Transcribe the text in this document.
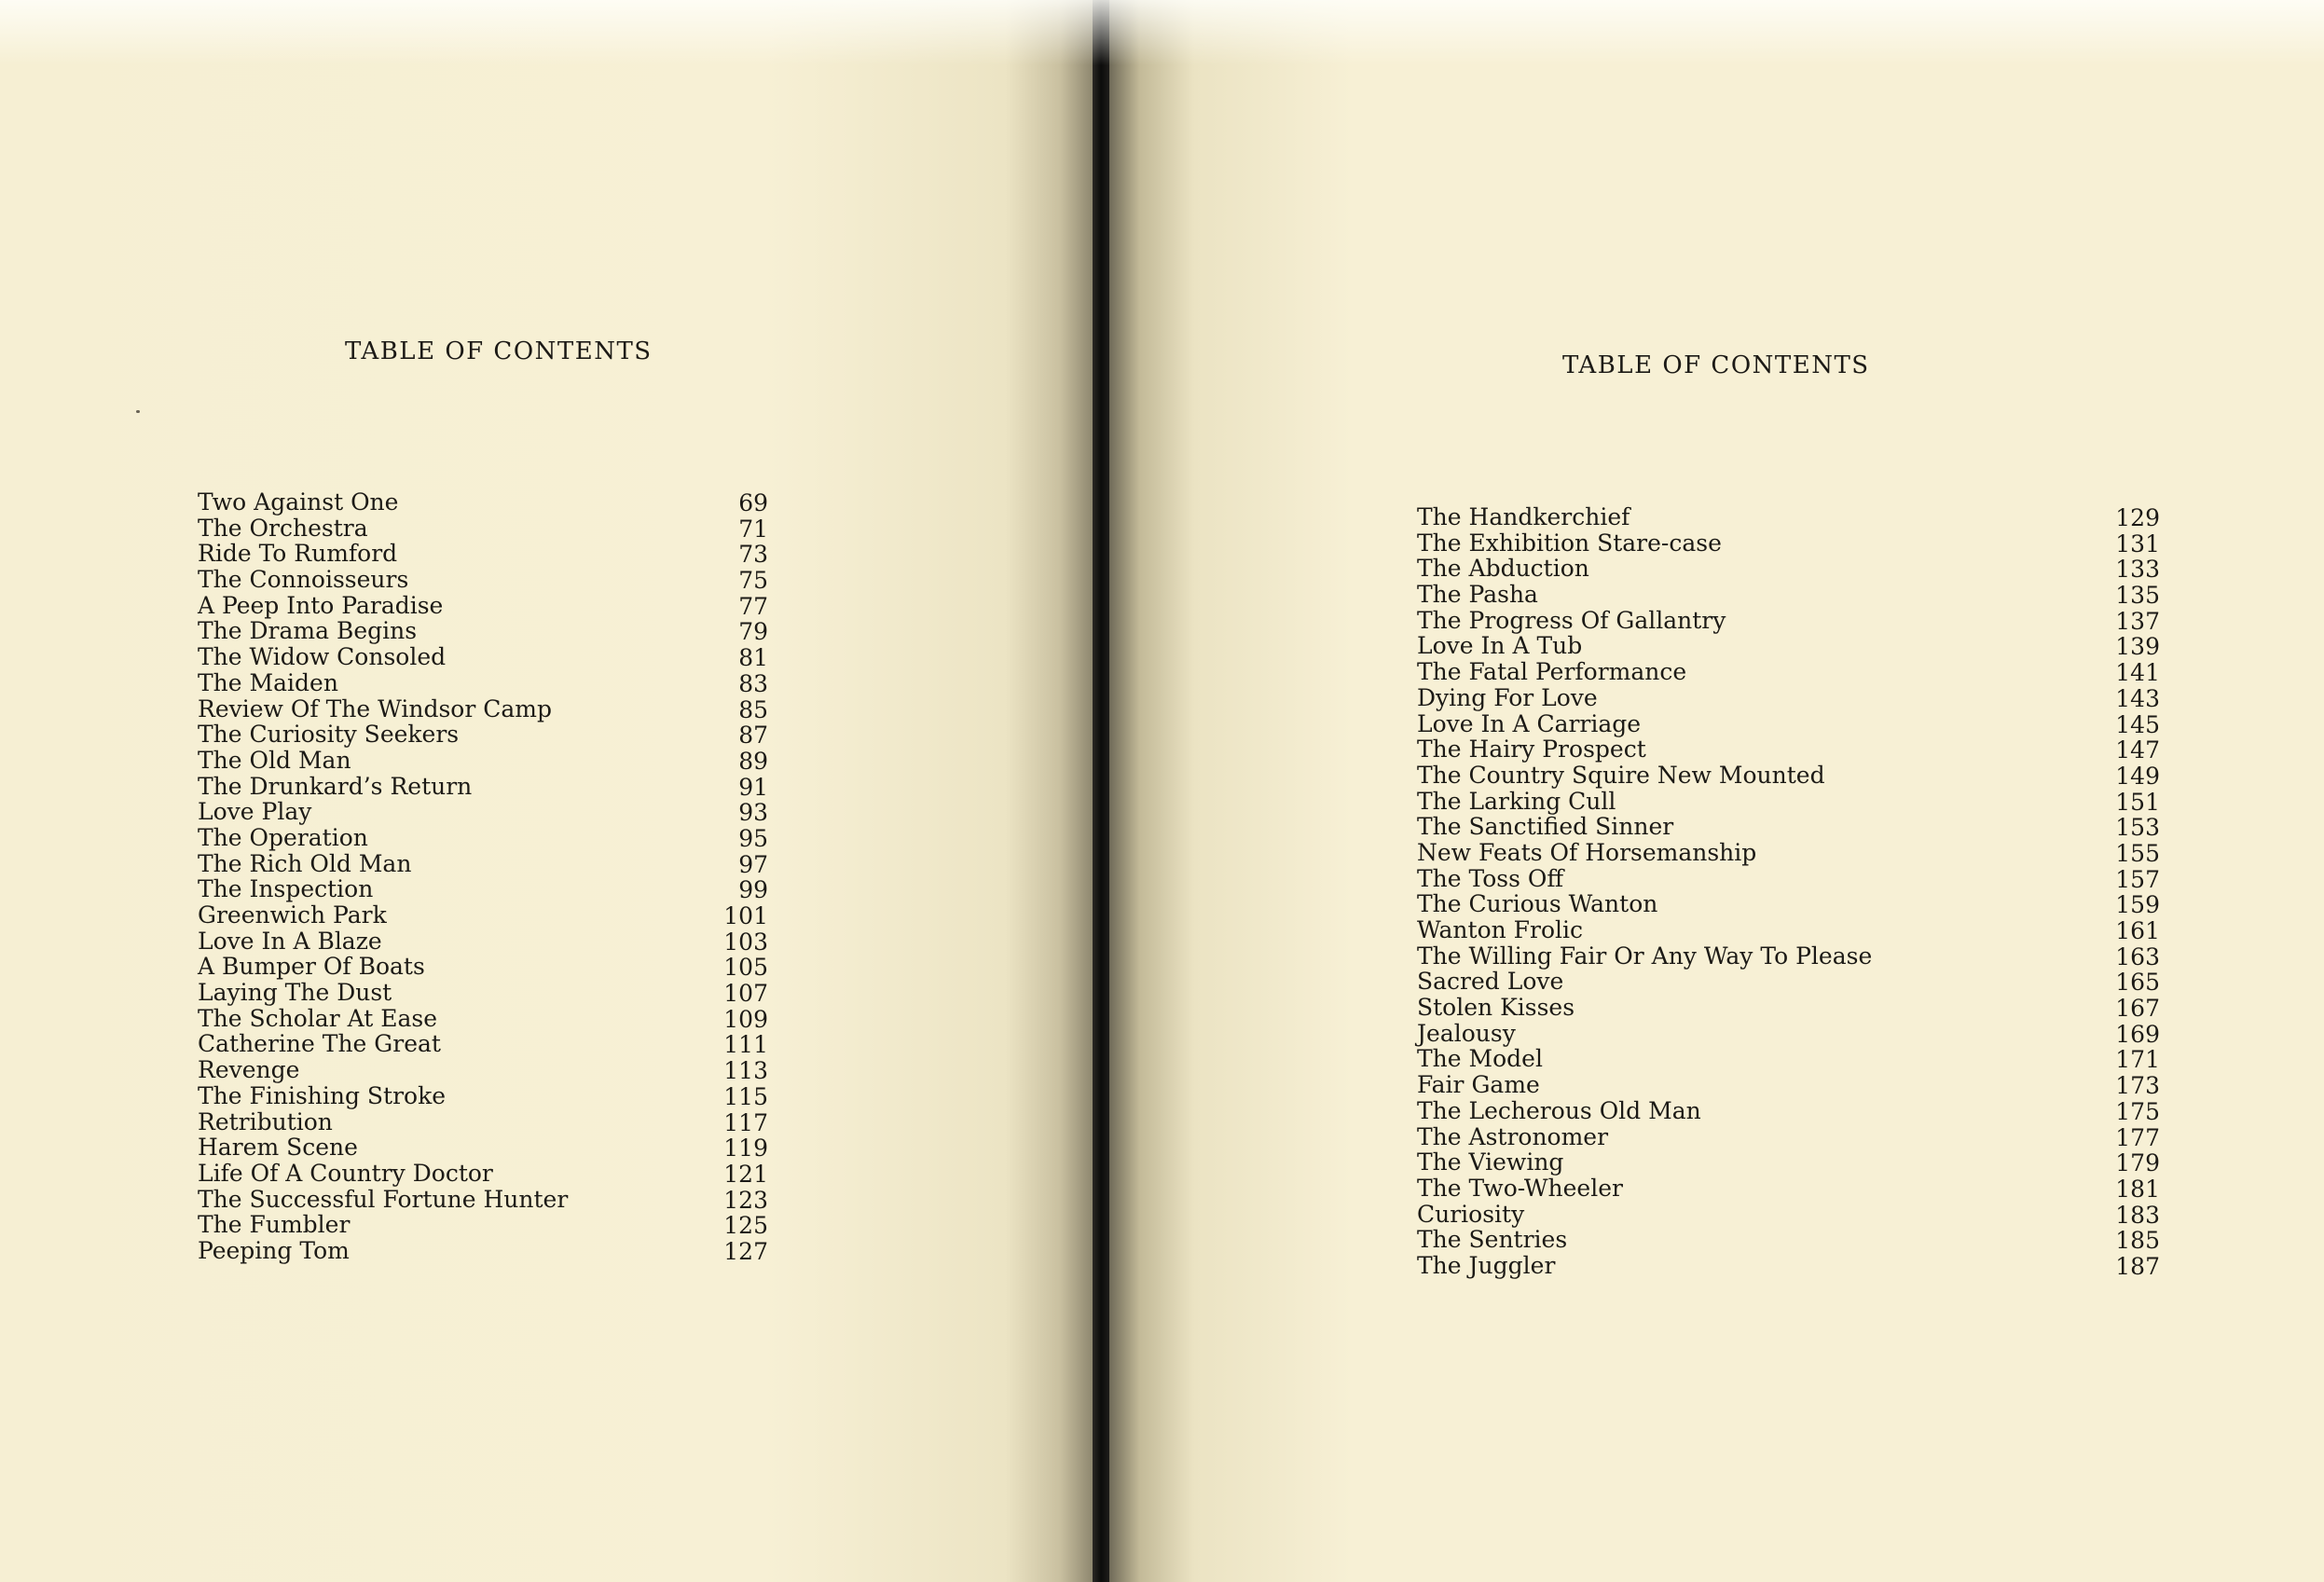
TABLE OF CONTENTS
Two Against One	69
The Orchestra	71
Ride To Rumford	73
The Connoisseurs	75
A Peep Into Paradise	77
The Drama Begins	79
The Widow Consoled	81
The Maiden	83
Review Of The Windsor Camp	85
The Curiosity Seekers	87
The Old Man	89
The Drunkard’s Return	91
Love Play	93
The Operation	95
The Rich Old Man	97
The Inspection	99
Greenwich Park	101
Love In A Blaze	103
A Bumper Of Boats	105
Laying The Dust	107
The Scholar At Ease	109
Catherine The Great	111
Revenge	113
The Finishing Stroke	115
Retribution	117
Harem Scene	119
Life Of A Country Doctor	121
The Successful Fortune Hunter	123
The Fumbler	125
Peeping Tom	127
TABLE OF CONTENTS
The Handkerchief	129
The Exhibition Stare-case	131
The Abduction	133
The Pasha	135
The Progress Of Gallantry	137
Love In A Tub	139
The Fatal Performance	141
Dying For Love	143
Love In A Carriage	145
The Hairy Prospect	147
The Country Squire New Mounted	149
The Larking Cull	151
The Sanctified Sinner	153
New Feats Of Horsemanship	155
The Toss Off	157
The Curious Wanton	159
Wanton Frolic	161
The Willing Fair Or Any Way To Please	163
Sacred Love	165
Stolen Kisses	167
Jealousy	169
The Model	171
Fair Game	173
The Lecherous Old Man	175
The Astronomer	177
The Viewing	179
The Two-Wheeler	181
Curiosity	183
The Sentries	185
The Juggler	187
